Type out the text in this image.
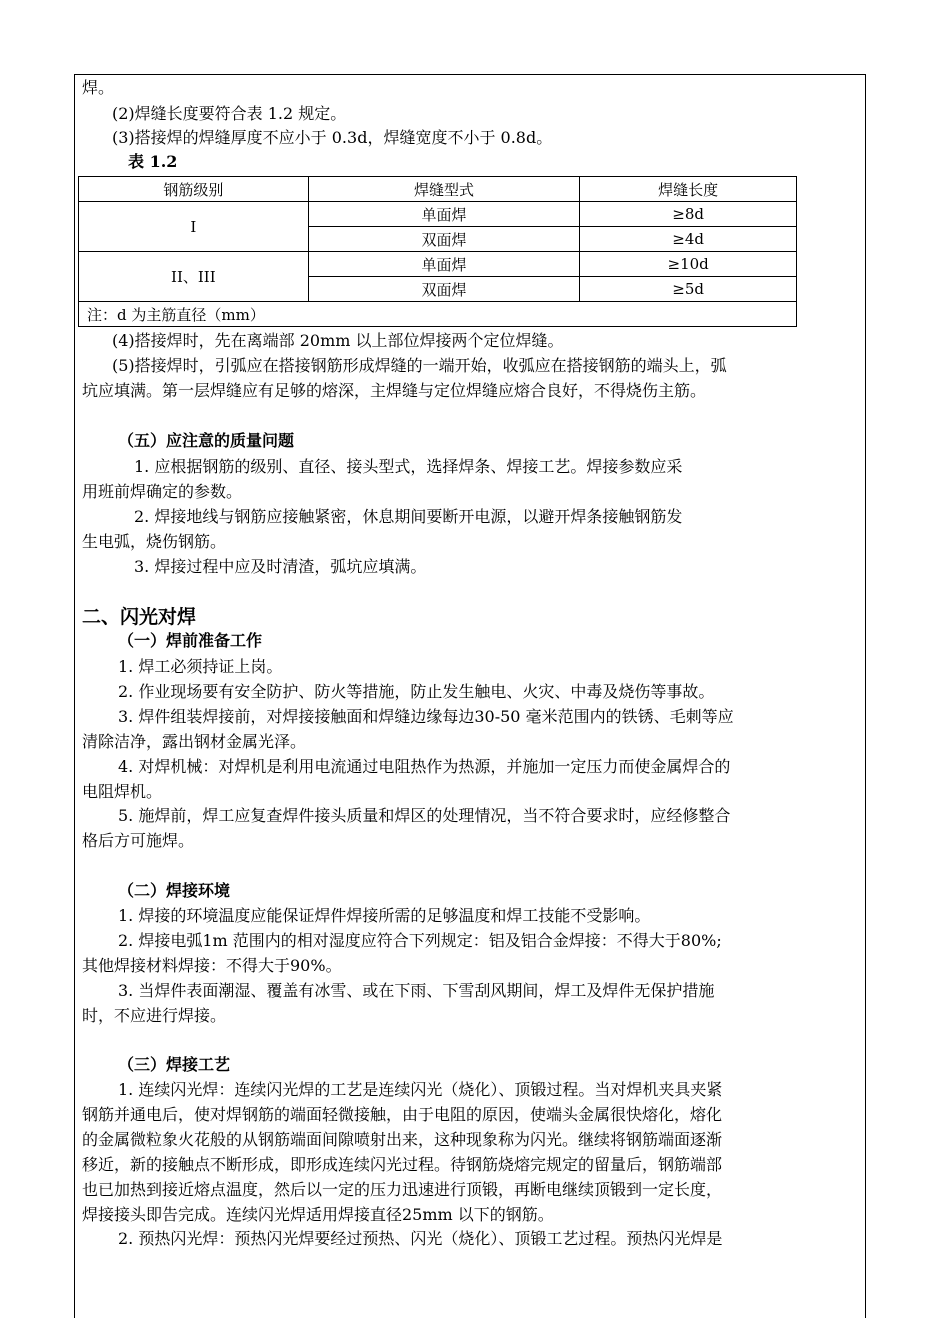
焊。
(2)焊缝长度要符合表 1.2 规定。
(3)搭接焊的焊缝厚度不应小于 0.3d，焊缝宽度不小于 0.8d。
表 1.2
钢筋级别	焊缝型式	焊缝长度
I	单面焊	≥8d
	双面焊	≥4d
II、III	单面焊	≥10d
	双面焊	≥5d
注：d 为主筋直径（mm）		
(4)搭接焊时，先在离端部 20mm 以上部位焊接两个定位焊缝。
(5)搭接焊时，引弧应在搭接钢筋形成焊缝的一端开始，收弧应在搭接钢筋的端头上，弧
坑应填满。第一层焊缝应有足够的熔深，主焊缝与定位焊缝应熔合良好，不得烧伤主筋。
（五）应注意的质量问题
1. 应根据钢筋的级别、直径、接头型式，选择焊条、焊接工艺。焊接参数应采
用班前焊确定的参数。
2. 焊接地线与钢筋应接触紧密，休息期间要断开电源，以避开焊条接触钢筋发
生电弧，烧伤钢筋。
3. 焊接过程中应及时清渣，弧坑应填满。
二、闪光对焊
（一）焊前准备工作
1. 焊工必须持证上岗。
2. 作业现场要有安全防护、防火等措施，防止发生触电、火灾、中毒及烧伤等事故。
3. 焊件组装焊接前，对焊接接触面和焊缝边缘每边30-50 毫米范围内的铁锈、毛刺等应
清除洁净，露出钢材金属光泽。
4. 对焊机械：对焊机是利用电流通过电阻热作为热源，并施加一定压力而使金属焊合的
电阻焊机。
5. 施焊前，焊工应复查焊件接头质量和焊区的处理情况，当不符合要求时，应经修整合
格后方可施焊。
（二）焊接环境
1. 焊接的环境温度应能保证焊件焊接所需的足够温度和焊工技能不受影响。
2. 焊接电弧1m 范围内的相对湿度应符合下列规定：铝及铝合金焊接：不得大于80%;
其他焊接材料焊接：不得大于90%。
3. 当焊件表面潮湿、覆盖有冰雪、或在下雨、下雪刮风期间，焊工及焊件无保护措施
时，不应进行焊接。
（三）焊接工艺
1. 连续闪光焊：连续闪光焊的工艺是连续闪光（烧化）、顶锻过程。当对焊机夹具夹紧
钢筋并通电后，使对焊钢筋的端面轻微接触，由于电阻的原因，使端头金属很快熔化，熔化
的金属微粒象火花般的从钢筋端面间隙喷射出来，这种现象称为闪光。继续将钢筋端面逐渐
移近，新的接触点不断形成，即形成连续闪光过程。待钢筋烧熔完规定的留量后，钢筋端部
也已加热到接近熔点温度，然后以一定的压力迅速进行顶锻，再断电继续顶锻到一定长度，
焊接接头即告完成。连续闪光焊适用焊接直径25mm 以下的钢筋。
2. 预热闪光焊：预热闪光焊要经过预热、闪光（烧化）、顶锻工艺过程。预热闪光焊是
